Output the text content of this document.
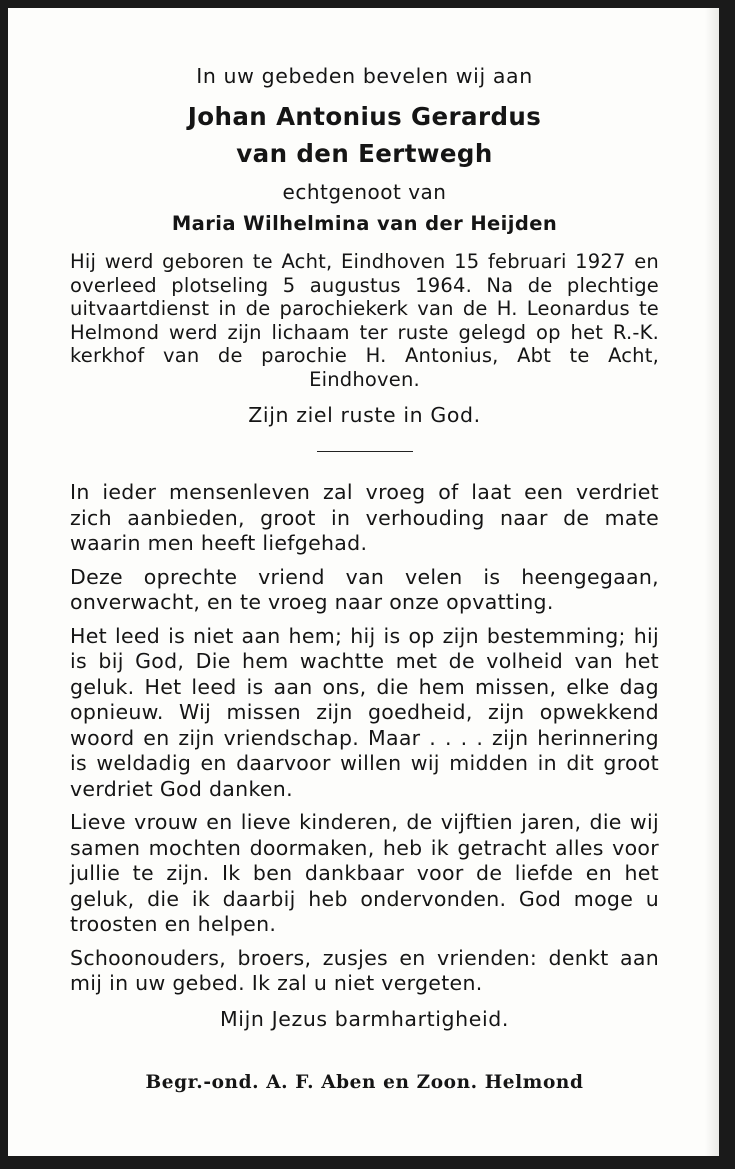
In uw gebeden bevelen wij aan

Johan Antonius Gerardus

van den Eertwegh

echtgenoot van

Maria Wilhelmina van der Heijden

Hij werd geboren te Acht, Eindhoven 15 februari 1927 en overleed plotseling 5 augustus 1964. Na de plechtige uitvaartdienst in de parochiekerk van de H. Leonardus te Helmond werd zijn lichaam ter ruste gelegd op het R.-K. kerkhof van de parochie H. Antonius, Abt te Acht, Eindhoven.

Zijn ziel ruste in God.

In ieder mensenleven zal vroeg of laat een verdriet zich aanbieden, groot in verhouding naar de mate waarin men heeft liefgehad.

Deze oprechte vriend van velen is heengegaan, onverwacht, en te vroeg naar onze opvatting.

Het leed is niet aan hem; hij is op zijn bestemming; hij is bij God, Die hem wachtte met de volheid van het geluk. Het leed is aan ons, die hem missen, elke dag opnieuw. Wij missen zijn goedheid, zijn opwekkend woord en zijn vriendschap. Maar . . . . zijn herinnering is weldadig en daarvoor willen wij midden in dit groot verdriet God danken.

Lieve vrouw en lieve kinderen, de vijftien jaren, die wij samen mochten doormaken, heb ik getracht alles voor jullie te zijn. Ik ben dankbaar voor de liefde en het geluk, die ik daarbij heb ondervonden. God moge u troosten en helpen.

Schoonouders, broers, zusjes en vrienden: denkt aan mij in uw gebed. Ik zal u niet vergeten.

Mijn Jezus barmhartigheid.

Begr.-ond. A. F. Aben en Zoon. Helmond
